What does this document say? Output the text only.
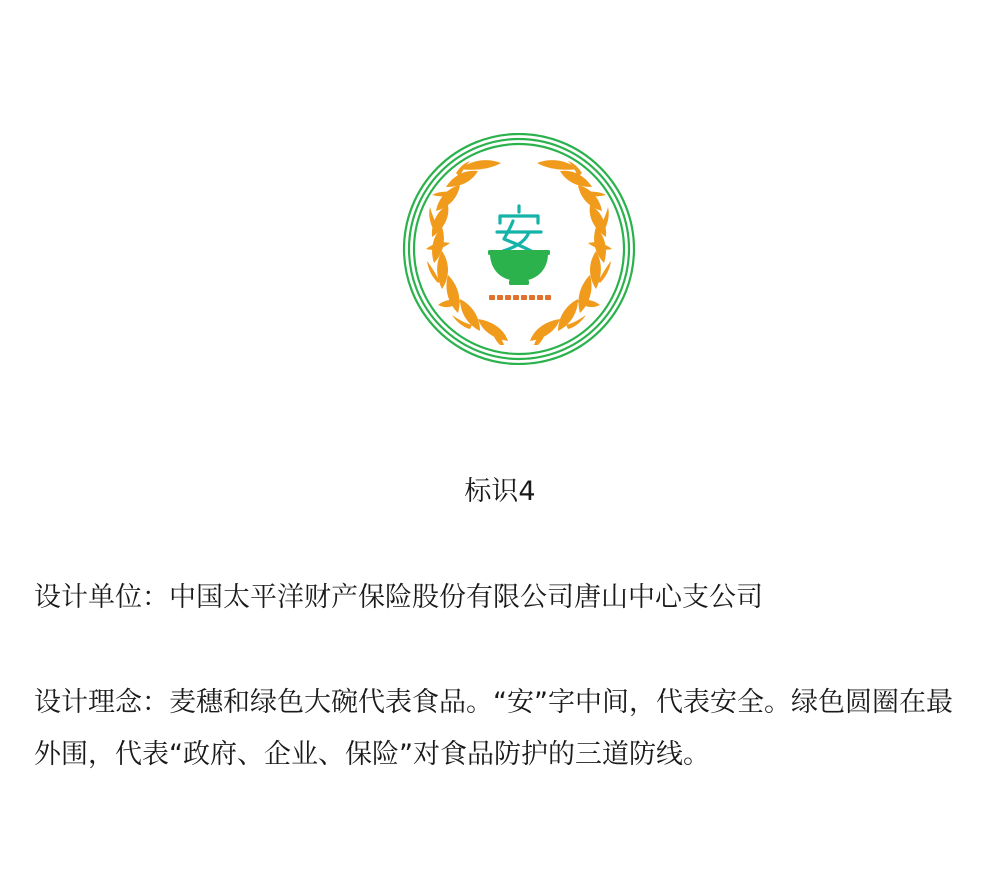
标识4
设计单位：中国太平洋财产保险股份有限公司唐山中心支公司
设计理念：麦穗和绿色大碗代表食品。“安”字中间，代表安全。绿色圆圈在最外围，代表“政府、企业、保险”对食品防护的三道防线。
